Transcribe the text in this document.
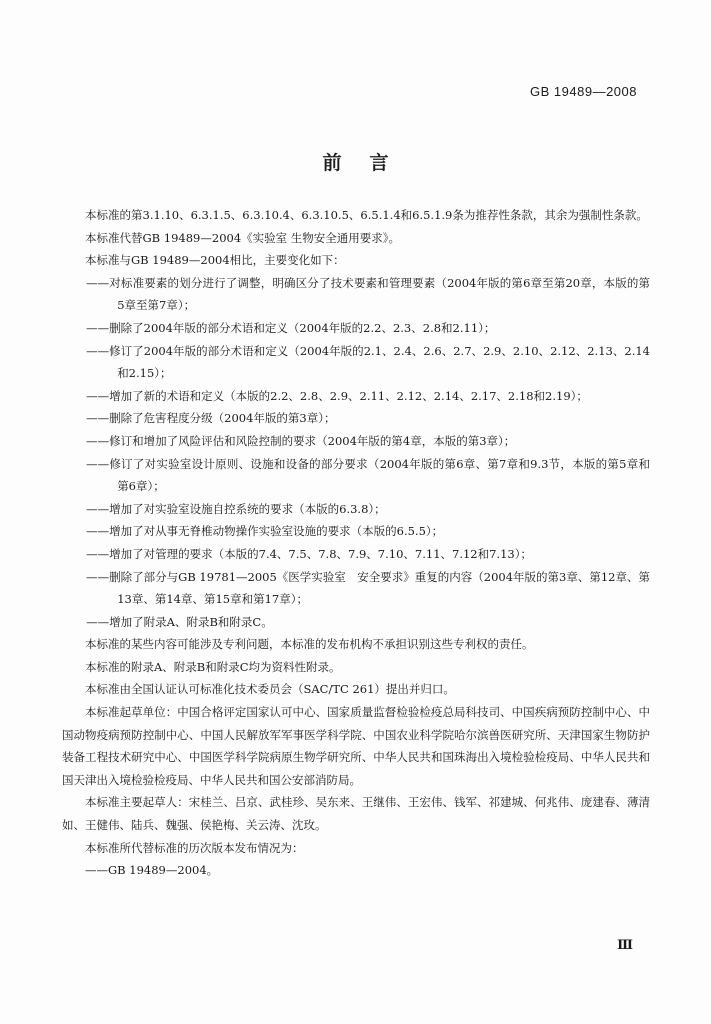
GB 19489—2008
前言

本标准的第3.1.10、6.3.1.5、6.3.10.4、6.3.10.5、6.5.1.4和6.5.1.9条为推荐性条款，其余为强制性条款。

本标准代替GB 19489—2004《实验室 生物安全通用要求》。

本标准与GB 19489—2004相比，主要变化如下：

——对标准要素的划分进行了调整，明确区分了技术要素和管理要素（2004年版的第6章至第20章，本版的第5章至第7章）；

——删除了2004年版的部分术语和定义（2004年版的2.2、2.3、2.8和2.11）；

——修订了2004年版的部分术语和定义（2004年版的2.1、2.4、2.6、2.7、2.9、2.10、2.12、2.13、2.14和2.15）；

——增加了新的术语和定义（本版的2.2、2.8、2.9、2.11、2.12、2.14、2.17、2.18和2.19）；

——删除了危害程度分级（2004年版的第3章）；

——修订和增加了风险评估和风险控制的要求（2004年版的第4章，本版的第3章）；

——修订了对实验室设计原则、设施和设备的部分要求（2004年版的第6章、第7章和9.3节，本版的第5章和第6章）；

——增加了对实验室设施自控系统的要求（本版的6.3.8）；

——增加了对从事无脊椎动物操作实验室设施的要求（本版的6.5.5）；

——增加了对管理的要求（本版的7.4、7.5、7.8、7.9、7.10、7.11、7.12和7.13）；

——删除了部分与GB 19781—2005《医学实验室　安全要求》重复的内容（2004年版的第3章、第12章、第13章、第14章、第15章和第17章）；

——增加了附录A、附录B和附录C。

本标准的某些内容可能涉及专利问题，本标准的发布机构不承担识别这些专利权的责任。

本标准的附录A、附录B和附录C均为资料性附录。

本标准由全国认证认可标准化技术委员会（SAC/TC 261）提出并归口。

本标准起草单位：中国合格评定国家认可中心、国家质量监督检验检疫总局科技司、中国疾病预防控制中心、中国动物疫病预防控制中心、中国人民解放军军事医学科学院、中国农业科学院哈尔滨兽医研究所、天津国家生物防护装备工程技术研究中心、中国医学科学院病原生物学研究所、中华人民共和国珠海出入境检验检疫局、中华人民共和国天津出入境检验检疫局、中华人民共和国公安部消防局。

本标准主要起草人：宋桂兰、吕京、武桂珍、吴东来、王继伟、王宏伟、钱军、祁建城、何兆伟、庞建春、薄清如、王健伟、陆兵、魏强、侯艳梅、关云涛、沈玫。

本标准所代替标准的历次版本发布情况为：

——GB 19489—2004。

Ⅲ
